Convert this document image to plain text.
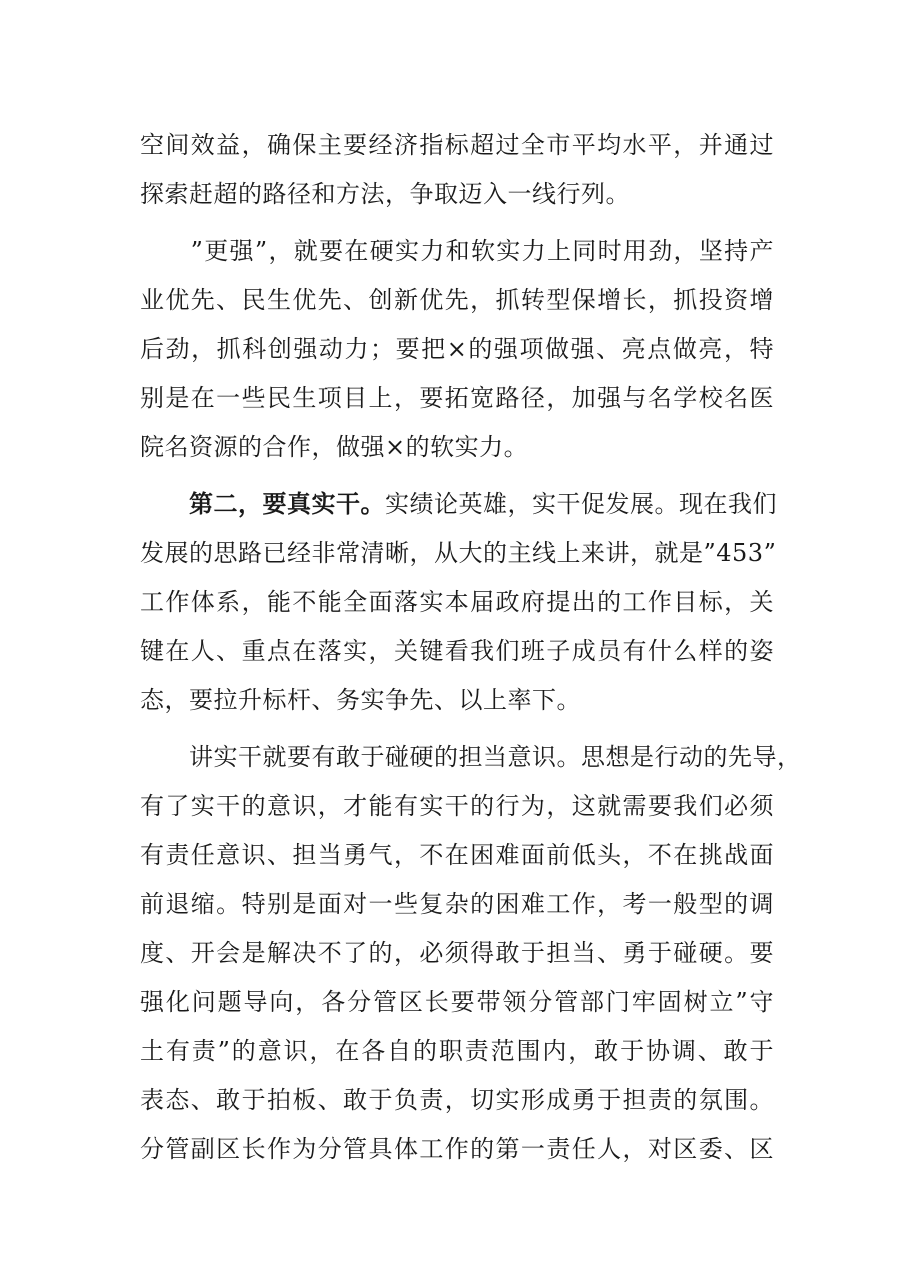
空间效益，确保主要经济指标超过全市平均水平，并通过
探索赶超的路径和方法，争取迈入一线行列。
　　”更强”，就要在硬实力和软实力上同时用劲，坚持产
业优先、民生优先、创新优先，抓转型保增长，抓投资增
后劲，抓科创强动力；要把×的强项做强、亮点做亮，特
别是在一些民生项目上，要拓宽路径，加强与名学校名医
院名资源的合作，做强×的软实力。
　　第二，要真实干。实绩论英雄，实干促发展。现在我们
发展的思路已经非常清晰，从大的主线上来讲，就是”453”
工作体系，能不能全面落实本届政府提出的工作目标，关
键在人、重点在落实，关键看我们班子成员有什么样的姿
态，要拉升标杆、务实争先、以上率下。
　　讲实干就要有敢于碰硬的担当意识。思想是行动的先导，
有了实干的意识，才能有实干的行为，这就需要我们必须
有责任意识、担当勇气，不在困难面前低头，不在挑战面
前退缩。特别是面对一些复杂的困难工作，考一般型的调
度、开会是解决不了的，必须得敢于担当、勇于碰硬。要
强化问题导向，各分管区长要带领分管部门牢固树立”守
土有责”的意识，在各自的职责范围内，敢于协调、敢于
表态、敢于拍板、敢于负责，切实形成勇于担责的氛围。
分管副区长作为分管具体工作的第一责任人，对区委、区
